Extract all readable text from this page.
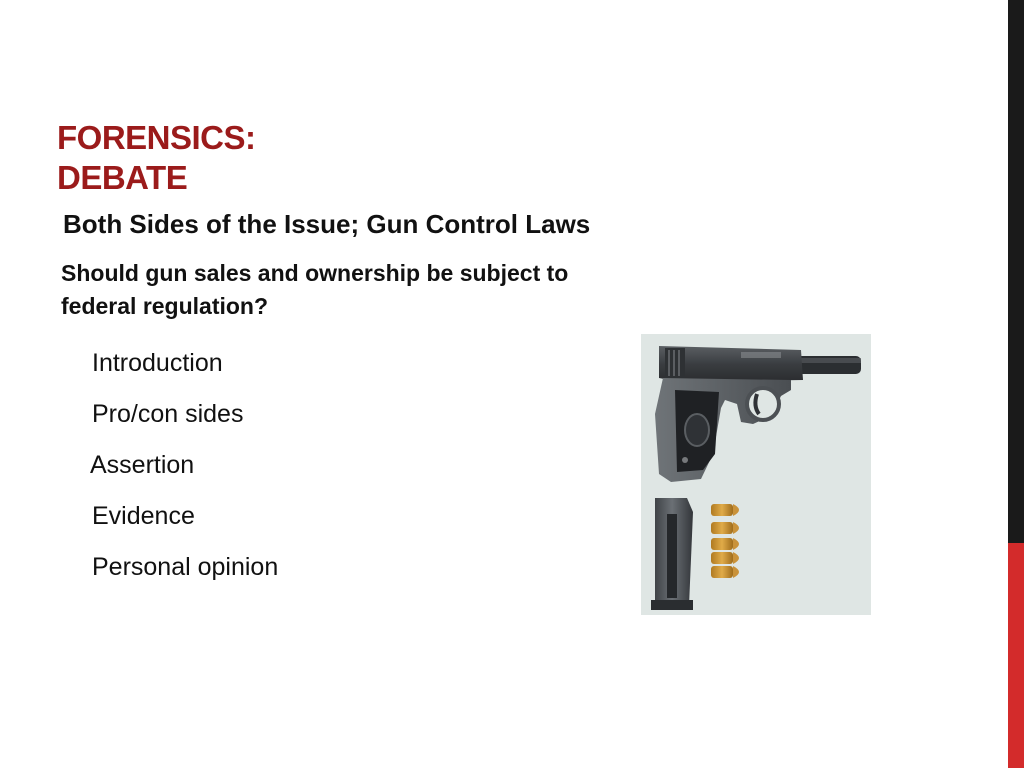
FORENSICS:
DEBATE

Both Sides of the Issue; Gun Control Laws

Should gun sales and ownership be subject to federal regulation?

Introduction
Pro/con sides
Assertion
Evidence
Personal opinion
